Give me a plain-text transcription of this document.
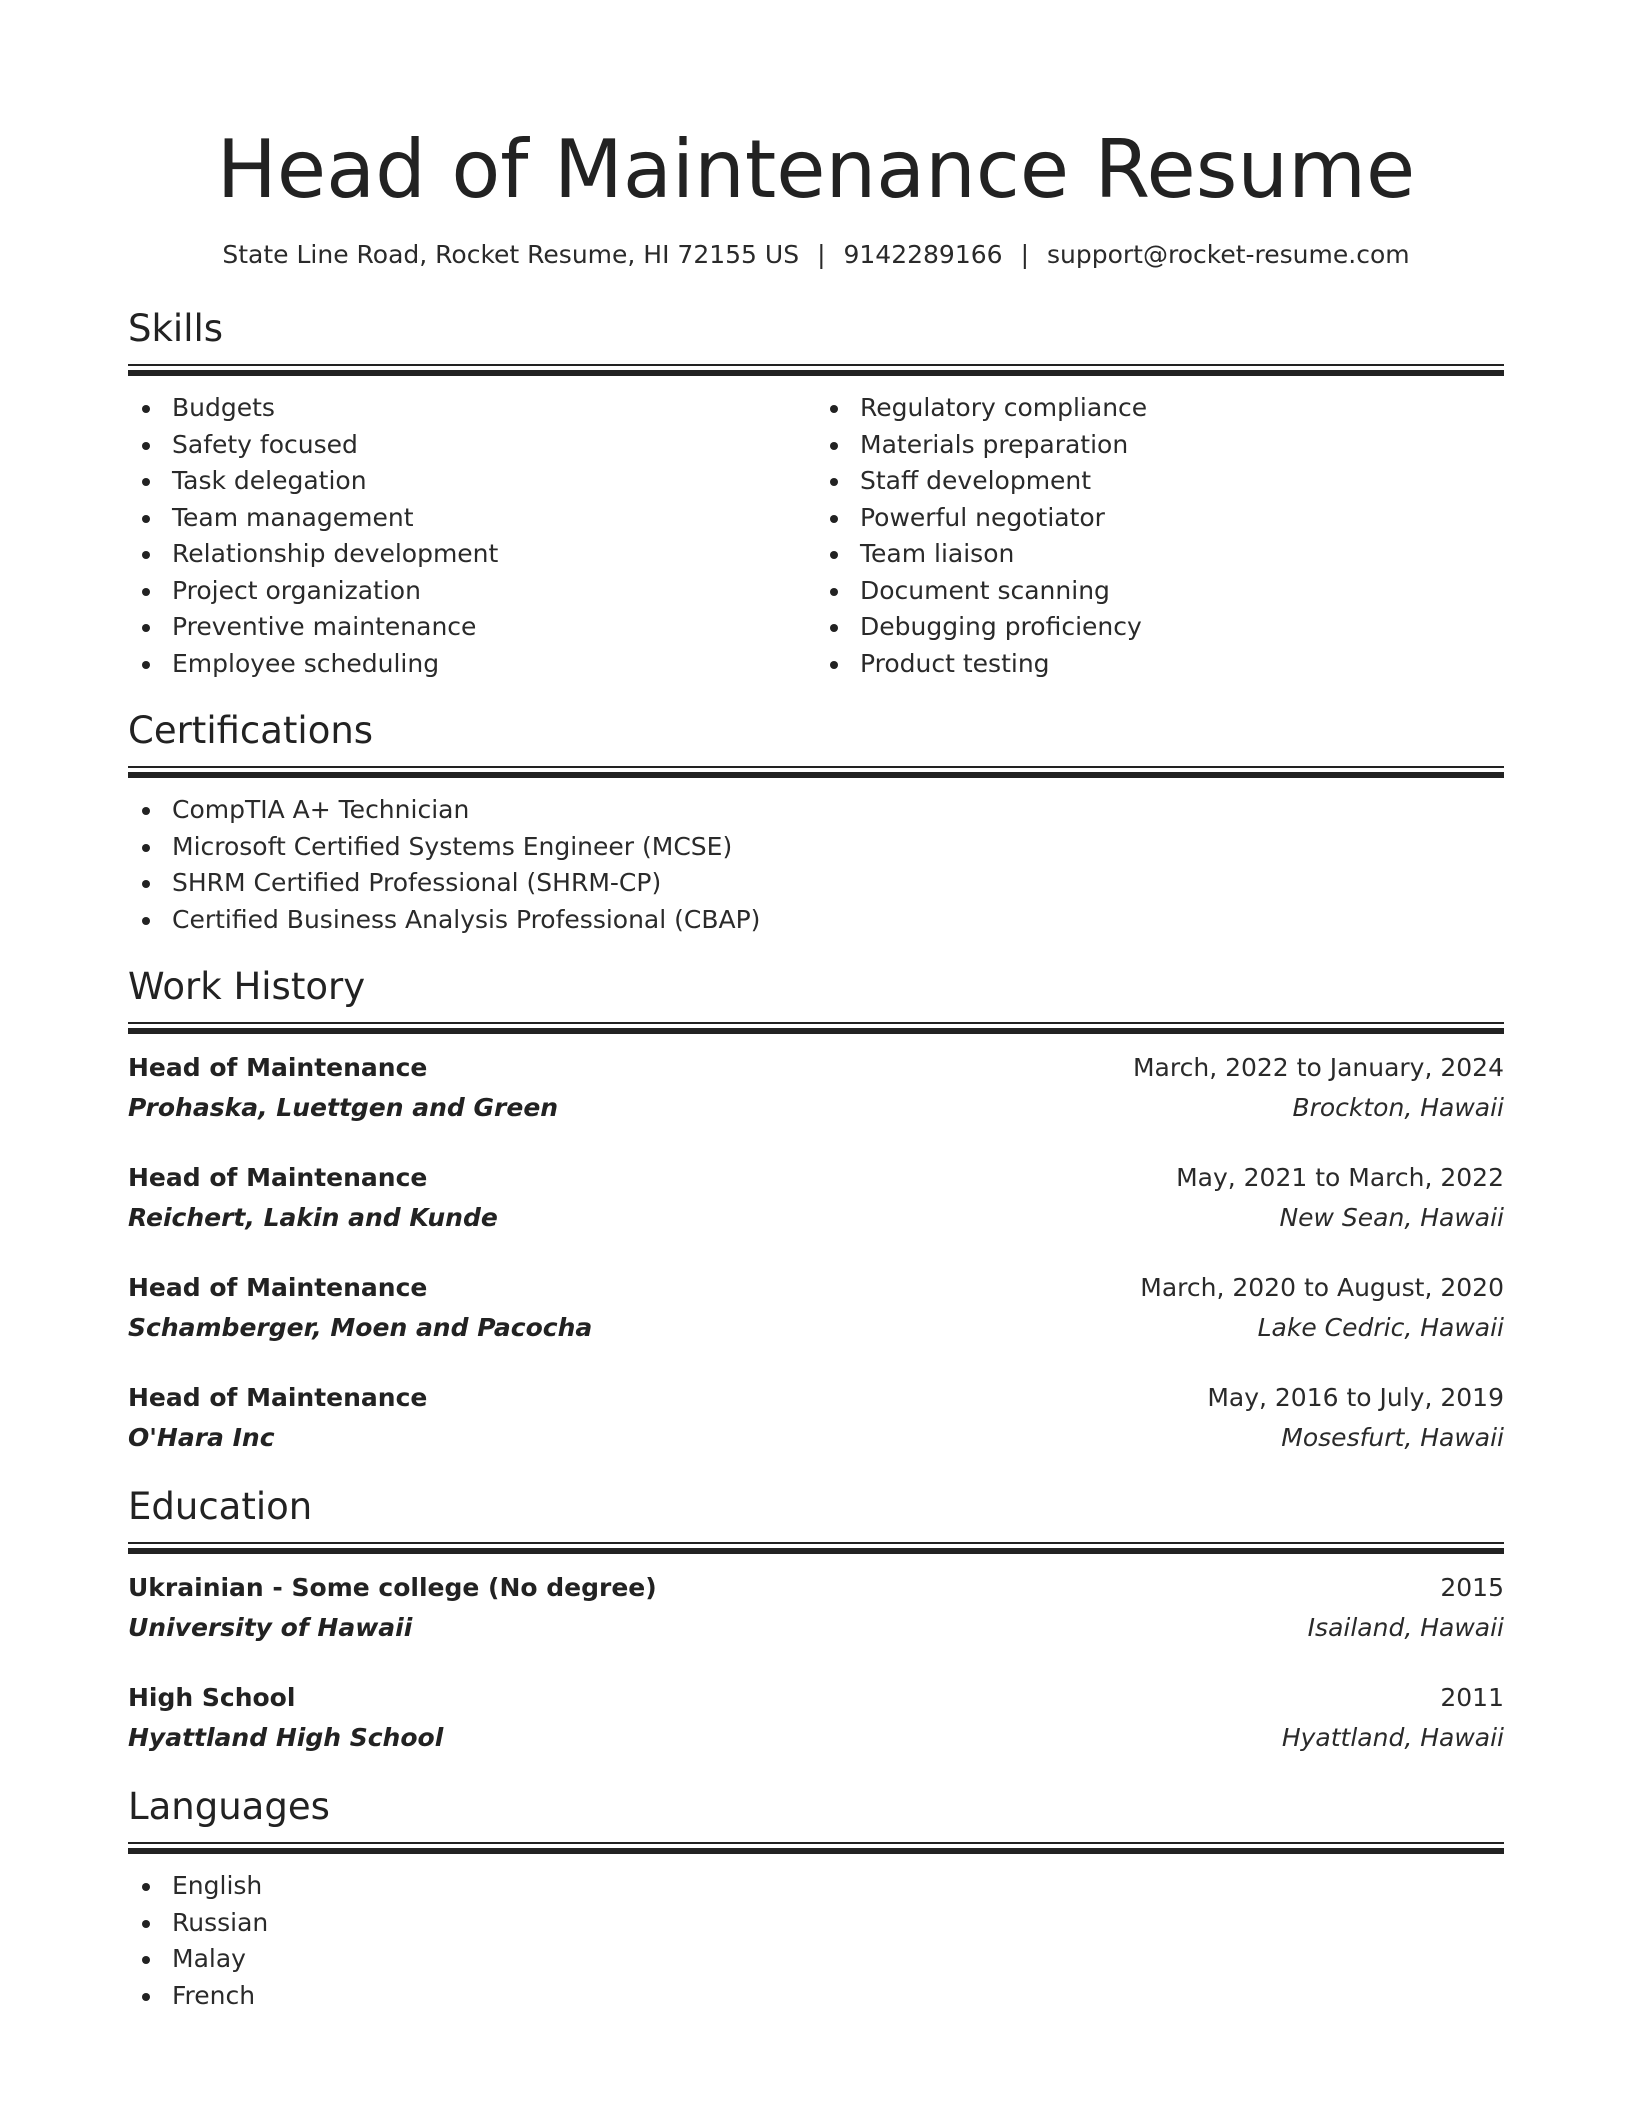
Head of Maintenance Resume
State Line Road, Rocket Resume, HI 72155 US | 9142289166 | support@rocket-resume.com
Skills
Budgets
Safety focused
Task delegation
Team management
Relationship development
Project organization
Preventive maintenance
Employee scheduling
Regulatory compliance
Materials preparation
Staff development
Powerful negotiator
Team liaison
Document scanning
Debugging proficiency
Product testing
Certifications
CompTIA A+ Technician
Microsoft Certified Systems Engineer (MCSE)
SHRM Certified Professional (SHRM-CP)
Certified Business Analysis Professional (CBAP)
Work History
Head of Maintenance
Prohaska, Luettgen and Green
March, 2022 to January, 2024
Brockton, Hawaii
Head of Maintenance
Reichert, Lakin and Kunde
May, 2021 to March, 2022
New Sean, Hawaii
Head of Maintenance
Schamberger, Moen and Pacocha
March, 2020 to August, 2020
Lake Cedric, Hawaii
Head of Maintenance
O'Hara Inc
May, 2016 to July, 2019
Mosesfurt, Hawaii
Education
Ukrainian - Some college (No degree)
University of Hawaii
2015
Isailand, Hawaii
High School
Hyattland High School
2011
Hyattland, Hawaii
Languages
English
Russian
Malay
French
